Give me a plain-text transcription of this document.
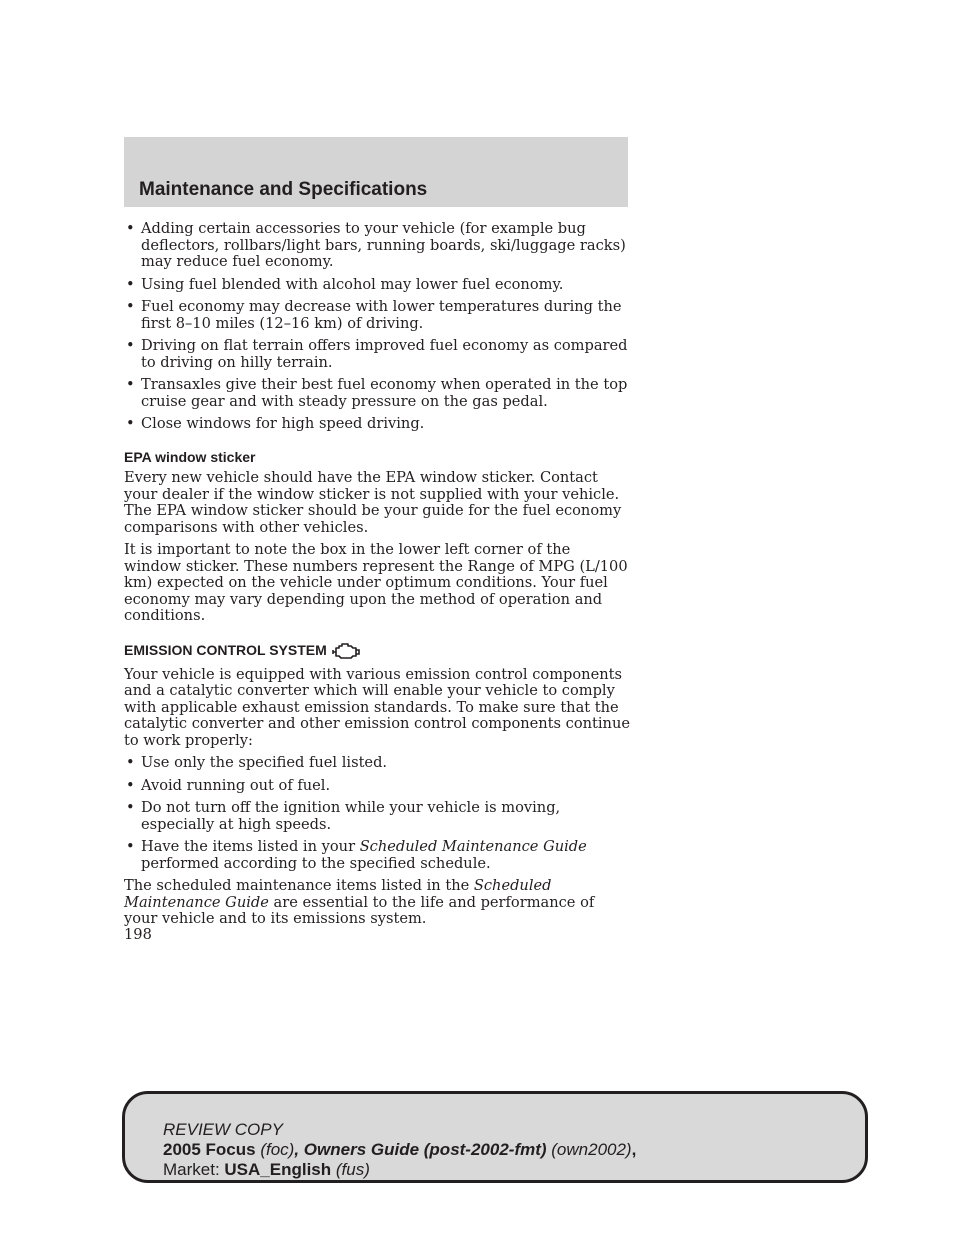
Maintenance and Specifications
• Adding certain accessories to your vehicle (for example bug deflectors, rollbars/light bars, running boards, ski/luggage racks) may reduce fuel economy.
• Using fuel blended with alcohol may lower fuel economy.
• Fuel economy may decrease with lower temperatures during the first 8–10 miles (12–16 km) of driving.
• Driving on flat terrain offers improved fuel economy as compared to driving on hilly terrain.
• Transaxles give their best fuel economy when operated in the top cruise gear and with steady pressure on the gas pedal.
• Close windows for high speed driving.
EPA window sticker

Every new vehicle should have the EPA window sticker. Contact your dealer if the window sticker is not supplied with your vehicle. The EPA window sticker should be your guide for the fuel economy comparisons with other vehicles.

It is important to note the box in the lower left corner of the window sticker. These numbers represent the Range of MPG (L/100 km) expected on the vehicle under optimum conditions. Your fuel economy may vary depending upon the method of operation and conditions.

EMISSION CONTROL SYSTEM

Your vehicle is equipped with various emission control components and a catalytic converter which will enable your vehicle to comply with applicable exhaust emission standards. To make sure that the catalytic converter and other emission control components continue to work properly:

• Use only the specified fuel listed.
• Avoid running out of fuel.
• Do not turn off the ignition while your vehicle is moving, especially at high speeds.
• Have the items listed in your Scheduled Maintenance Guide performed according to the specified schedule.

The scheduled maintenance items listed in the Scheduled Maintenance Guide are essential to the life and performance of your vehicle and to its emissions system.

198
REVIEW COPY
2005 Focus (foc), Owners Guide (post-2002-fmt) (own2002),
Market: USA_English (fus)
